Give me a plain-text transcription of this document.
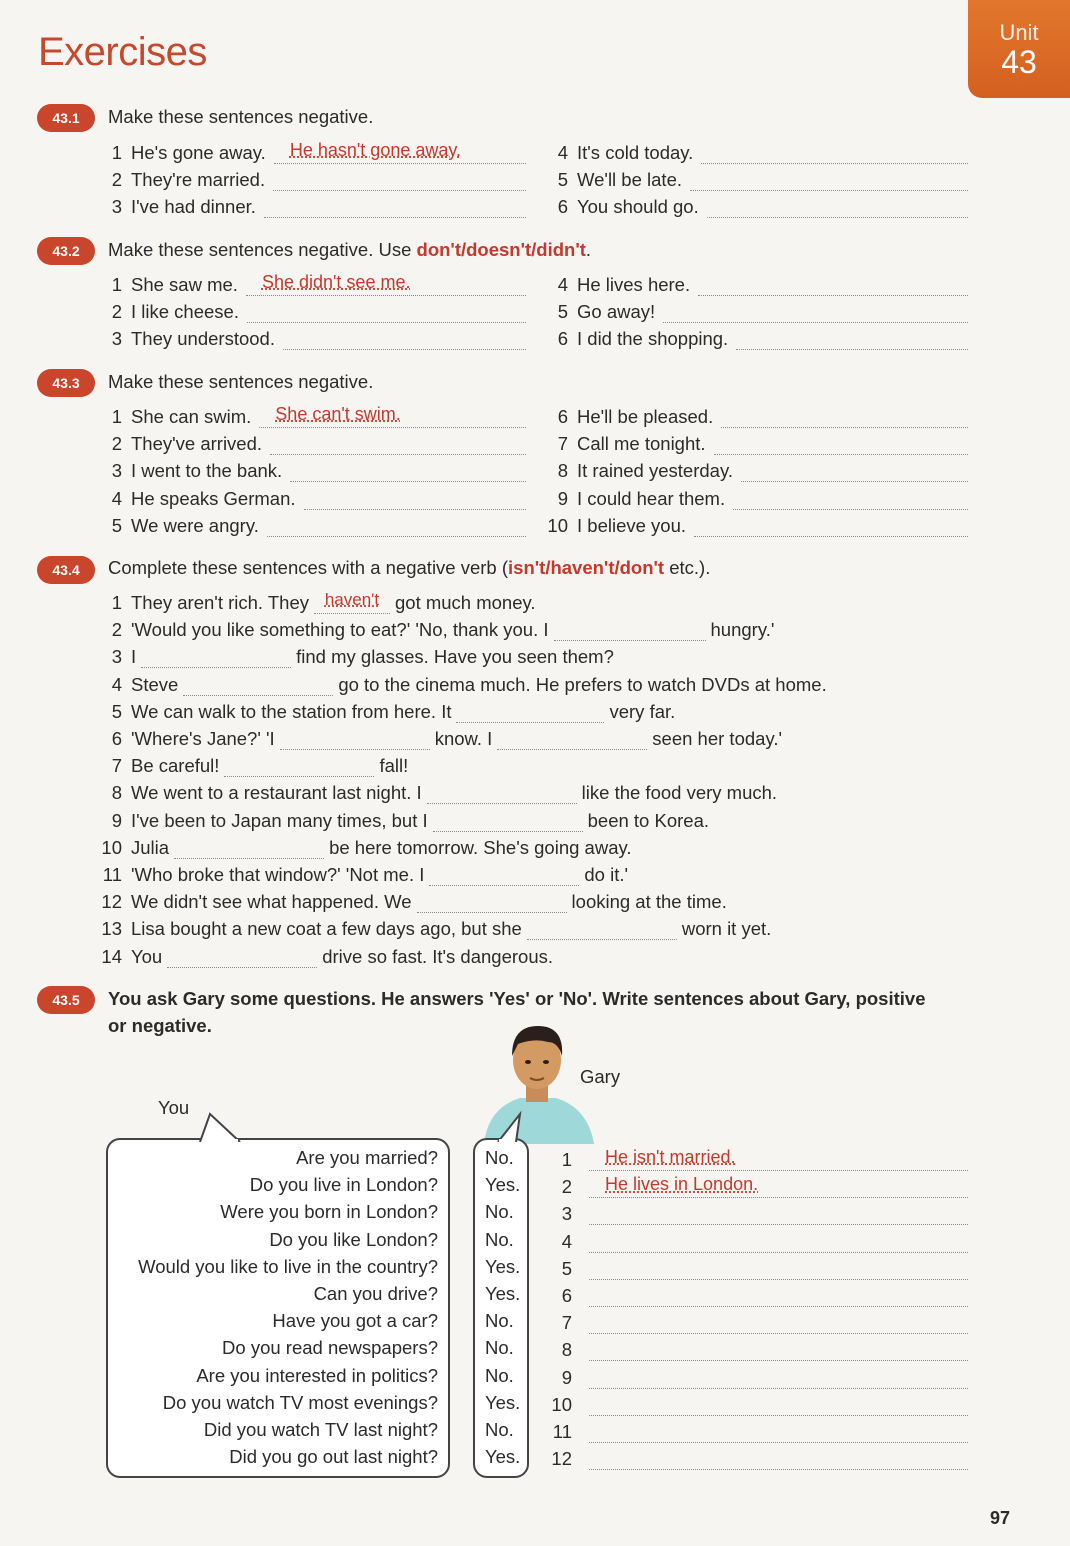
Exercises	Unit
43
43.1	Make these sentences negative.
1 He's gone away.	He hasn't gone away.
2 They're married.
3 I've had dinner.
4 It's cold today.
5 We'll be late.
6 You should go.
43.2	Make these sentences negative. Use don't/doesn't/didn't.
1 She saw me.	She didn't see me.
2 I like cheese.
3 They understood.
4 He lives here.
5 Go away!
6 I did the shopping.
43.3	Make these sentences negative.
1 She can swim.	She can't swim.
2 They've arrived.
3 I went to the bank.
4 He speaks German.
5 We were angry.
6 He'll be pleased.
7 Call me tonight.
8 It rained yesterday.
9 I could hear them.
10 I believe you.
43.4	Complete these sentences with a negative verb (isn't/haven't/don't etc.).
1 They aren't rich. They haven't got much money.
2 'Would you like something to eat?' 'No, thank you. I	hungry.'
3 I	find my glasses. Have you seen them?
4 Steve	go to the cinema much. He prefers to watch DVDs at home.
5 We can walk to the station from here. It	very far.
6 'Where's Jane?' 'I	know. I	seen her today.'
7 Be careful!	fall!
8 We went to a restaurant last night. I	like the food very much.
9 I've been to Japan many times, but I	been to Korea.
10 Julia	be here tomorrow. She's going away.
11 'Who broke that window?' 'Not me. I	do it.'
12 We didn't see what happened. We	looking at the time.
13 Lisa bought a new coat a few days ago, but she	worn it yet.
14 You	drive so fast. It's dangerous.
43.5	You ask Gary some questions. He answers 'Yes' or 'No'. Write sentences about Gary, positive
or negative.
Gary
You
Are you married?	No.	1	He isn't married.
Do you live in London?	Yes.	2	He lives in London.
Were you born in London?	No.	3
Do you like London?	No.	4
Would you like to live in the country?	Yes.	5
Can you drive?	Yes.	6
Have you got a car?	No.	7
Do you read newspapers?	No.	8
Are you interested in politics?	No.	9
Do you watch TV most evenings?	Yes.	10
Did you watch TV last night?	No.	11
Did you go out last night?	Yes.	12
97
